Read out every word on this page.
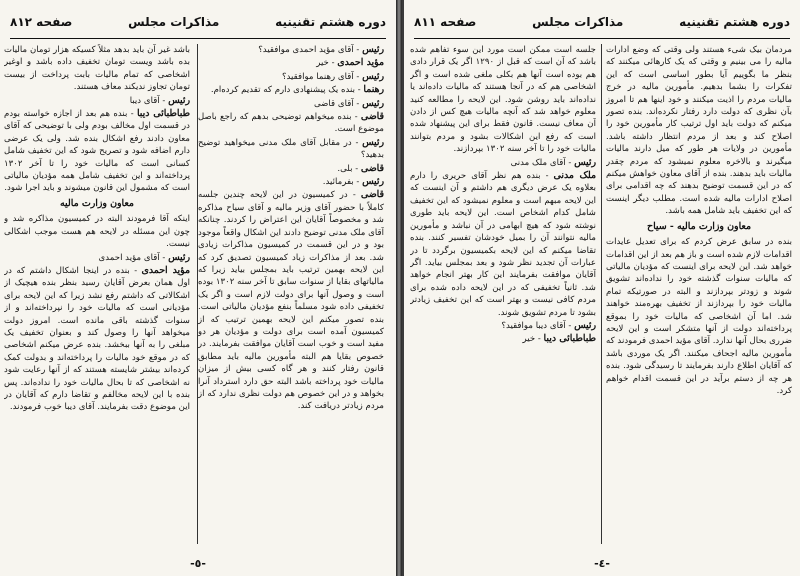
دوره هشتم تقنینیه
مذاکرات مجلس
صفحه ٨١٢

رئیس - آقای مؤید احمدی موافقید؟

مؤید احمدی - خیر

رئیس - آقای رهنما موافقید؟

رهنما - بنده یک پیشنهادی دارم که تقدیم کرده‌ام.

رئیس - آقای قاضی

قاضی - بنده میخواهم توضیحی بدهم که راجع باصل موضوع است.

رئیس - در مقابل آقای ملک مدنی میخواهید توضیح بدهید؟

قاضی - بلی.

رئیس - بفرمائید.

قاضی - در کمیسیون در این لایحه چندین جلسه کاملاً با حضور آقای وزیر مالیه و آقای سیاح مذاکره شد و مخصوصاً آقایان این اعتراض را کردند. چنانکه آقای ملک مدنی توضیح دادند این اشکال واقعاً موجود بود و در این قسمت در کمیسیون مذاکرات زیادی شد. بعد از مذاکرات زیاد کمیسیون تصدیق کرد که این لایحه بهمین ترتیب باید بمجلس بیاید زیرا که مالیاتهای بقایا از سنوات سابق تا آخر سنه ۱۳۰۲ بوده است و وصول آنها برای دولت لازم است و اگر یک تخفیفی داده شود مسلماً بنفع مؤدیان مالیاتی است. بنده تصور میکنم این لایحه بهمین ترتیب که از کمیسیون آمده است برای دولت و مؤدیان هر دو مفید است و خوب است آقایان موافقت بفرمایند. در خصوص بقایا هم البته مأمورین مالیه باید مطابق قانون رفتار کنند و هر گاه کسی بیش از میزان مالیات خود پرداخته باشد البته حق دارد استرداد آنرا بخواهد و در این خصوص هم دولت نظری ندارد که از مردم زیادتر دریافت کند.

باشد غیر آن باید بدهد مثلاً کسیکه هزار تومان مالیات بده باشد ویست تومان تخفیف داده باشد و اوغیر اشخاصی که تمام مالیات بابت پرداخت از بیست تومان تجاوز ندیکند معاف هستند.

رئیس - آقای دیبا

طباطبائی دیبا - بنده هم بعد از اجازه خواسته بودم در قسمت اول مخالف بودم ولی با توضیحی که آقای معاون دادند رفع اشکال بنده شد. ولی یک عرضی دارم اضافه شود و تصریح شود که این تخفیف شامل کسانی است که مالیات خود را تا آخر ۱۳۰۲ پرداخته‌اند و این تخفیف شامل همه مؤدیان مالیاتی است که مشمول این قانون میشوند و باید اجرا شود.

معاون وزارت مالیه

اینکه آقا فرمودند البته در کمیسیون مذاکره شد و چون این مسئله در لایحه هم هست موجب اشکالی نیست.

رئیس - آقای مؤید احمدی

مؤید احمدی - بنده در اینجا اشکال داشتم که در اول همان بعرض آقایان رسید بنظر بنده هیچیک از اشکالاتی که داشتم رفع نشد زیرا که این لایحه برای مؤدیانی است که مالیات خود را نپرداخته‌اند و از سنوات گذشته باقی مانده است. امروز دولت میخواهد آنها را وصول کند و بعنوان تخفیف یک مبلغی را به آنها ببخشد. بنده عرض میکنم اشخاصی که در موقع خود مالیات را پرداخته‌اند و بدولت کمک کرده‌اند بیشتر شایسته هستند که از آنها رعایت شود نه اشخاصی که تا بحال مالیات خود را نداده‌اند. پس بنده با این لایحه مخالفم و تقاضا دارم که آقایان در این موضوع دقت بفرمایند. آقای دیبا خوب فرمودند.

-٥-
دوره هشتم تقنینیه
مذاکرات مجلس
صفحه ٨١١

مردمان بیک شیء هستند ولی وقتی که وضع ادارات مالیه را می بینیم و وقتی که یک کارهائی میکنند که بنظر ما بگوییم آیا بطور اساسی است که این تفکرات را بشما بدهیم. مأمورین مالیه در خرج مالیات مردم را اذیت میکنند و خود اینها هم تا امروز بآن نظری که دولت دارد رفتار نکرده‌اند. بنده تصور میکنم که دولت باید اول ترتیب کار مأمورین خود را اصلاح کند و بعد از مردم انتظار داشته باشد. مأمورین در ولایات هر طور که میل دارند مالیات میگیرند و بالاخره معلوم نمیشود که مردم چقدر مالیات باید بدهند. بنده از آقای معاون خواهش میکنم که در این قسمت توضیح بدهند که چه اقدامی برای اصلاح ادارات مالیه شده است. مطلب دیگر اینست که این تخفیف باید شامل همه باشد.

معاون وزارت مالیه - سیاح

بنده در سابق عرض کردم که برای تعدیل عایدات اقدامات لازم شده است و باز هم بعد از این اقدامات خواهد شد. این لایحه برای اینست که مؤدیان مالیاتی که مالیات سنوات گذشته خود را نداده‌اند تشویق شوند و زودتر بپردازند و البته در صورتیکه تمام مالیات خود را بپردازند از تخفیف بهره‌مند خواهند شد. اما آن اشخاصی که مالیات خود را بموقع پرداخته‌اند دولت از آنها متشکر است و این لایحه ضرری بحال آنها ندارد. آقای مؤید احمدی فرمودند که مأمورین مالیه اجحاف میکنند. اگر یک موردی باشد که آقایان اطلاع دارند بفرمایند تا رسیدگی شود. بنده هر چه از دستم برآید در این قسمت اقدام خواهم کرد.

جلسه است ممکن است مورد این سوء تفاهم شده باشد که آن است که قبل از ۱۲۹۰ اگر یک قرار دادی هم بوده است آنها هم بکلی ملغی شده است و اگر اشخاصی هم که در آنجا هستند که مالیات داده‌اند یا نداده‌اند باید روشن شود. این لایحه را مطالعه کنید معلوم خواهد شد که آنچه مالیات هیچ کس از دادن آن معاف نیست. قانون فقط برای این پیشنهاد شده است که رفع این اشکالات بشود و مردم بتوانند مالیات خود را تا آخر سنه ۱۳۰۲ بپردازند.

رئیس - آقای ملک مدنی

ملک مدنی - بنده هم نظر آقای حریری را دارم بعلاوه یک عرض دیگری هم داشتم و آن اینست که این لایحه مبهم است و معلوم نمیشود که این تخفیف شامل کدام اشخاص است. این لایحه باید طوری نوشته شود که هیچ ابهامی در آن نباشد و مأمورین مالیه نتوانند آن را بمیل خودشان تفسیر کنند. بنده تقاضا میکنم که این لایحه بکمیسیون برگردد تا در عبارات آن تجدید نظر شود و بعد بمجلس بیاید. اگر آقایان موافقت بفرمایند این کار بهتر انجام خواهد شد. ثانیاً تخفیفی که در این لایحه داده شده برای مردم کافی نیست و بهتر است که این تخفیف زیادتر بشود تا مردم تشویق شوند.

رئیس - آقای دیبا موافقید؟

طباطبائی دیبا - خیر

-٤-
